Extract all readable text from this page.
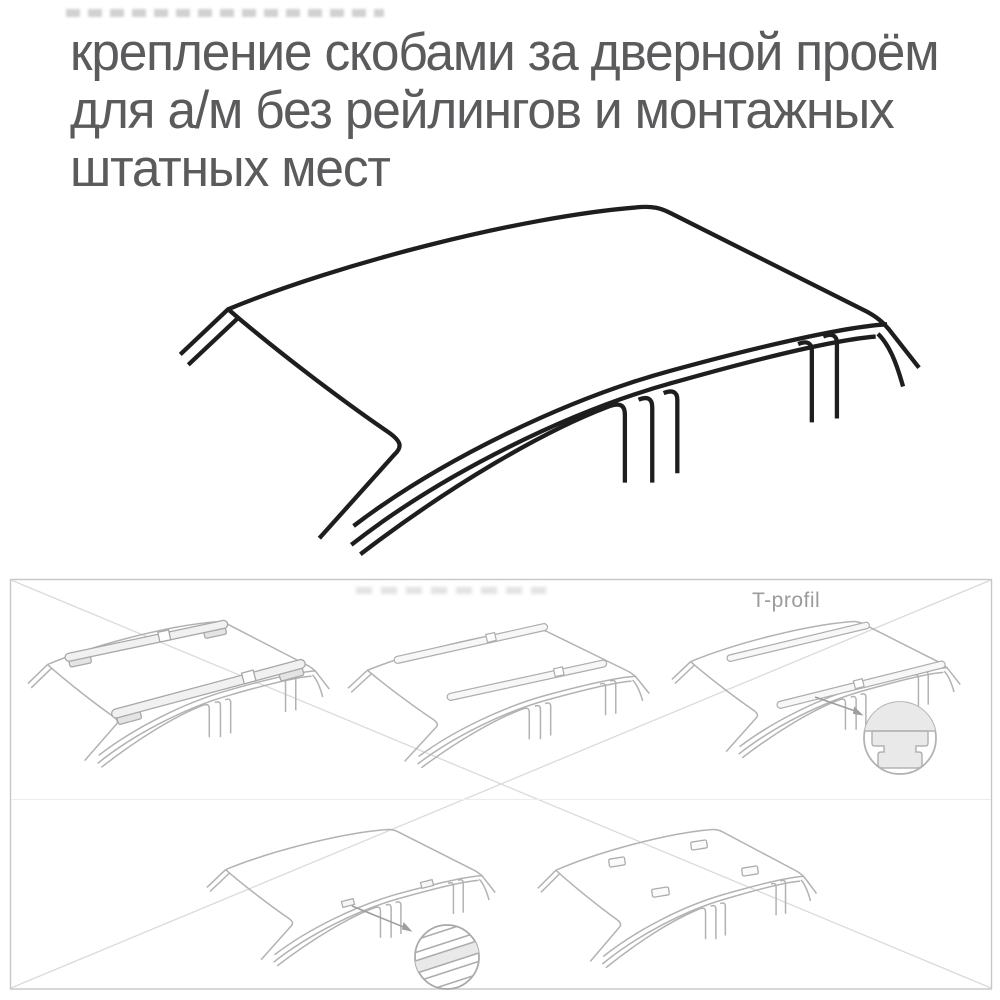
крепление скобами за дверной проём
для а/м без рейлингов и монтажных
штатных мест
T-profil
